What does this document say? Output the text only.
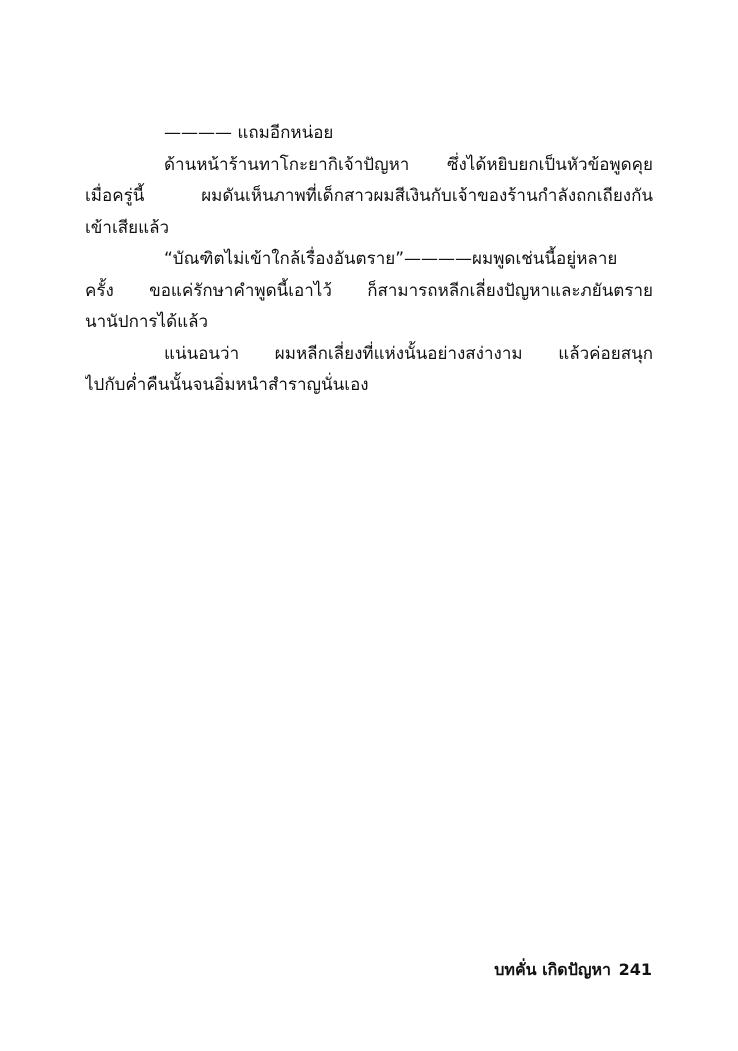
———— แถมอีกหน่อย
ด้านหน้าร้านทาโกะยากิเจ้าปัญหา ซึ่งได้หยิบยกเป็นหัวข้อพูดคุย
เมื่อครู่นี้ ผมดันเห็นภาพที่เด็กสาวผมสีเงินกับเจ้าของร้านกำลังถกเถียงกัน
เข้าเสียแล้ว
“บัณฑิตไม่เข้าใกล้เรื่องอันตราย”————ผมพูดเช่นนี้อยู่หลาย
ครั้ง ขอแค่รักษาคำพูดนี้เอาไว้ ก็สามารถหลีกเลี่ยงปัญหาและภยันตราย
นานัปการได้แล้ว
แน่นอนว่า ผมหลีกเลี่ยงที่แห่งนั้นอย่างสง่างาม แล้วค่อยสนุก
ไปกับค่ำคืนนั้นจนอิ่มหนำสำราญนั่นเอง
บทคั่น เกิดปัญหา 241
